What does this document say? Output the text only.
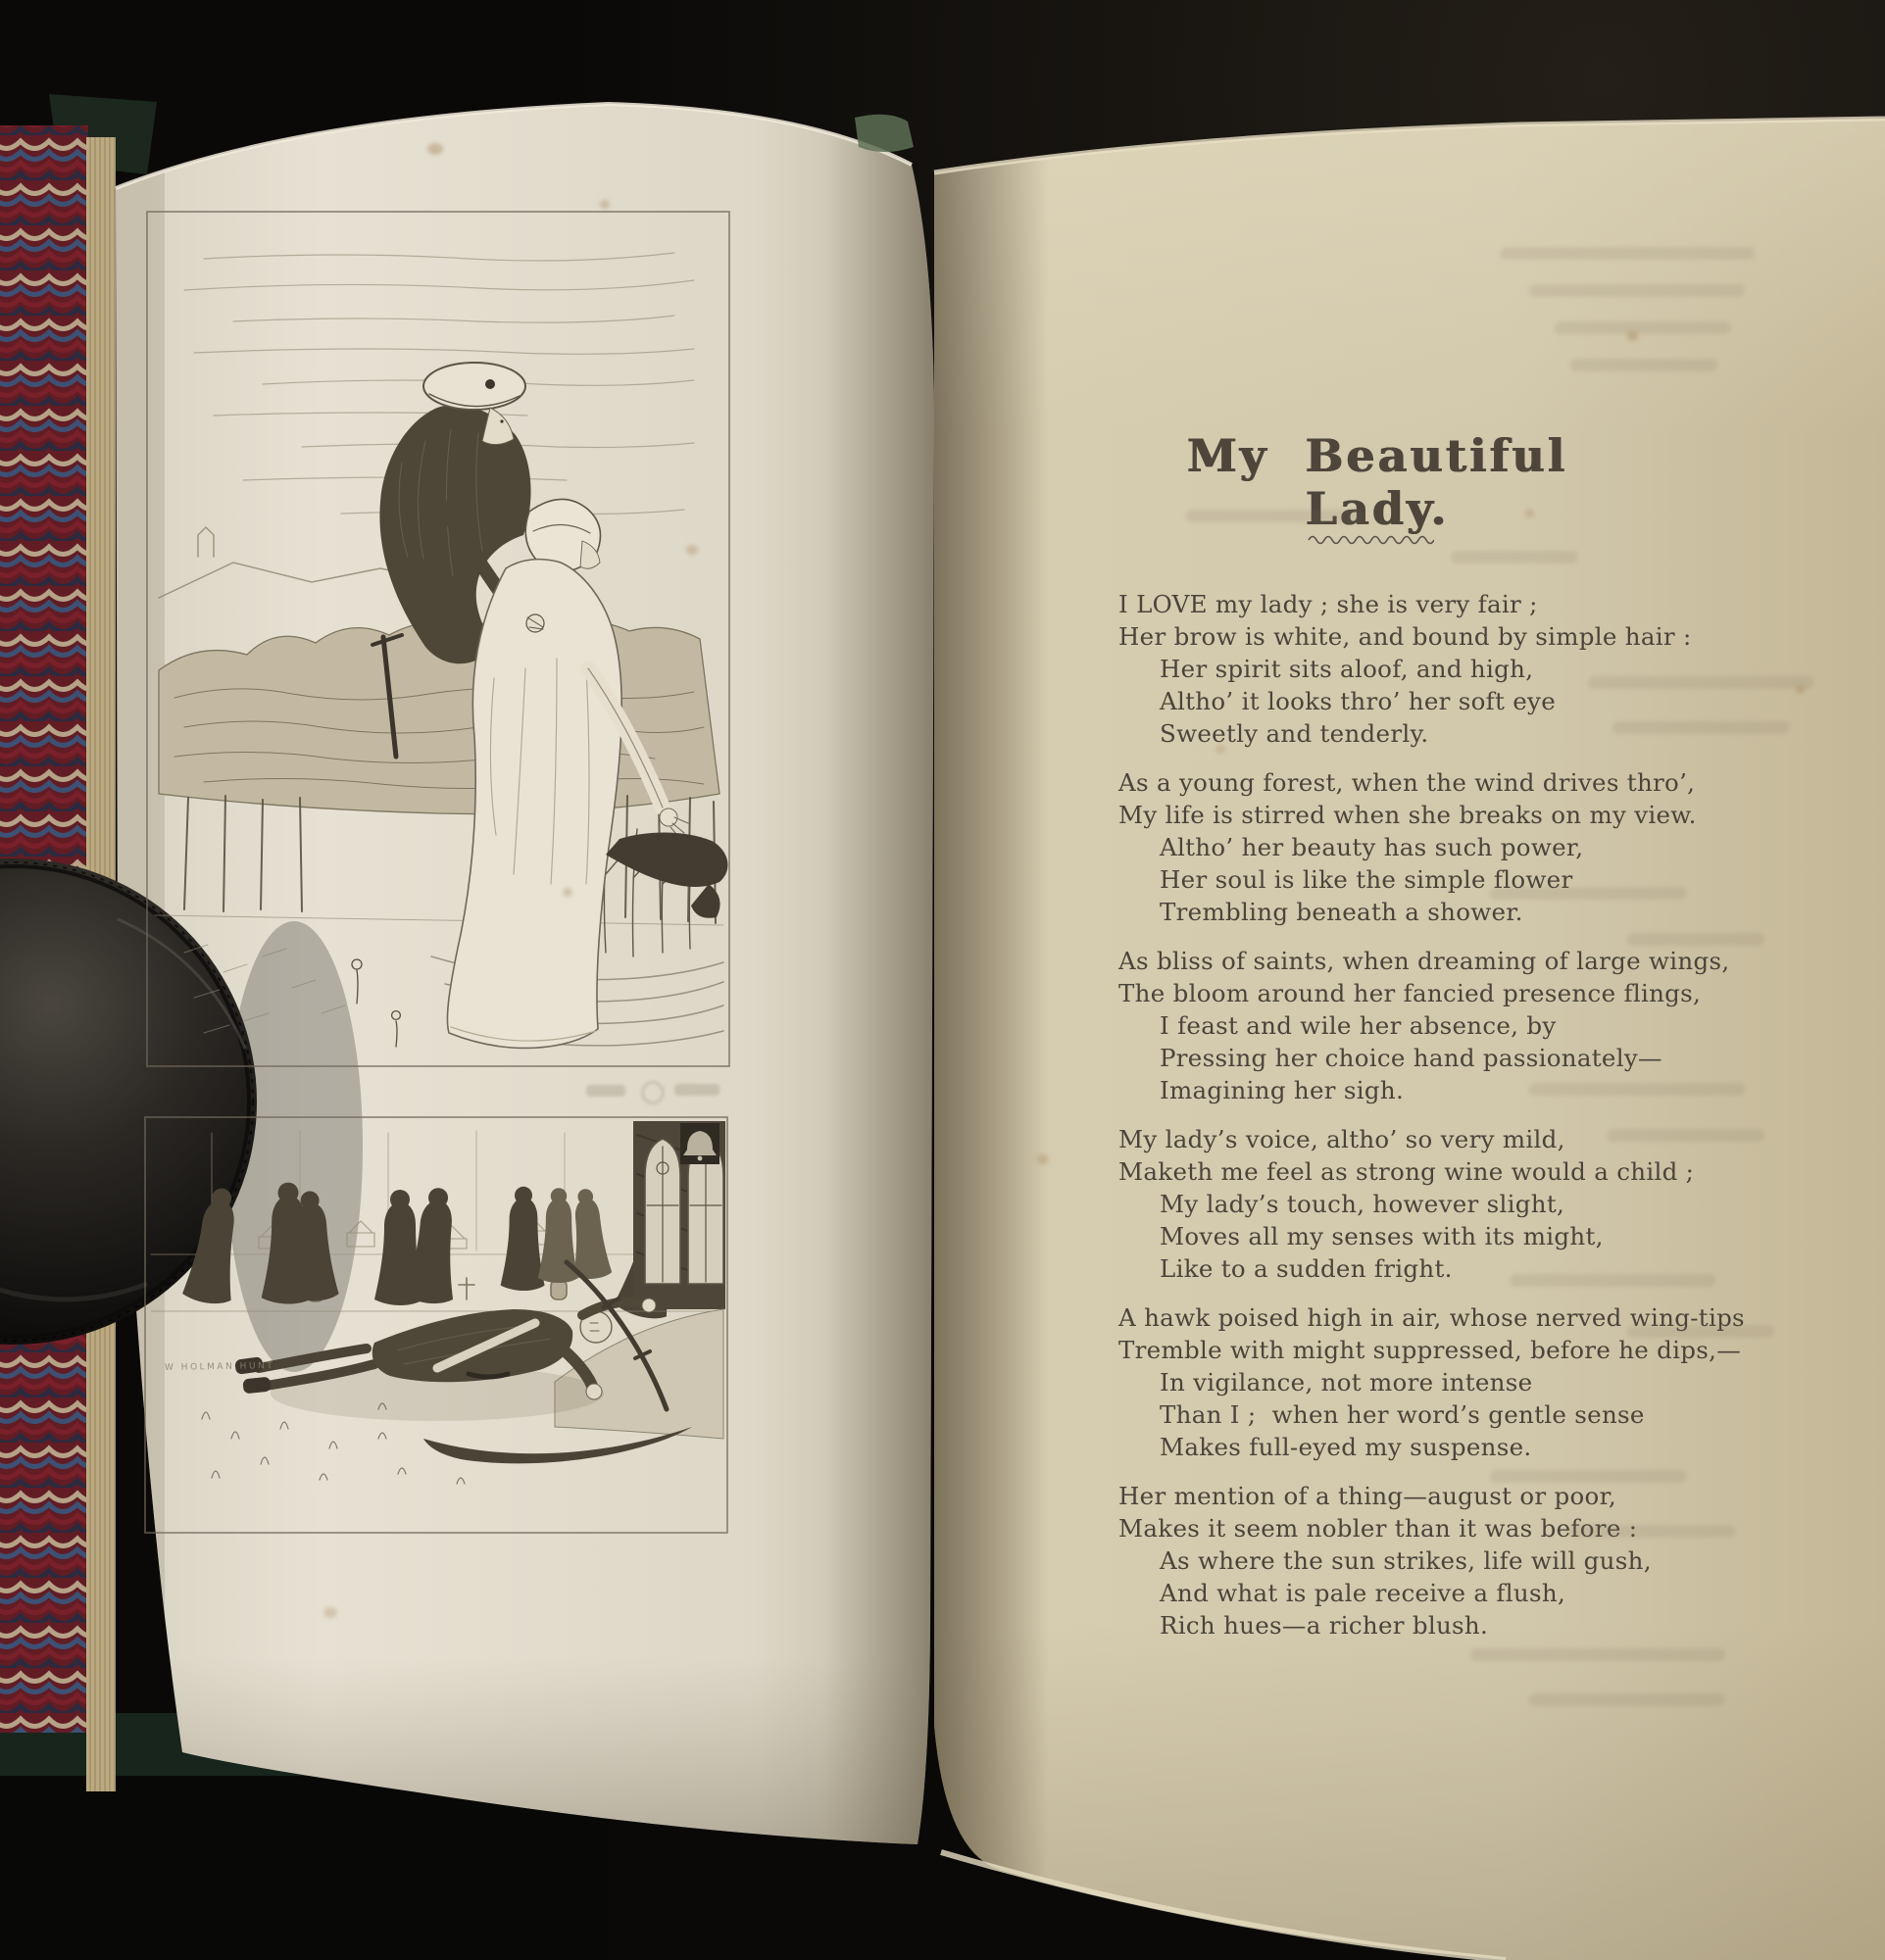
W HOLMAN HUNT
My Beautiful Lady.
I LOVE my lady ; she is very fair ;
Her brow is white, and bound by simple hair :
Her spirit sits aloof, and high,
Altho’ it looks thro’ her soft eye
Sweetly and tenderly.
As a young forest, when the wind drives thro’,
My life is stirred when she breaks on my view.
Altho’ her beauty has such power,
Her soul is like the simple flower
Trembling beneath a shower.
As bliss of saints, when dreaming of large wings,
The bloom around her fancied presence flings,
I feast and wile her absence, by
Pressing her choice hand passionately—
Imagining her sigh.
My lady’s voice, altho’ so very mild,
Maketh me feel as strong wine would a child ;
My lady’s touch, however slight,
Moves all my senses with its might,
Like to a sudden fright.
A hawk poised high in air, whose nerved wing-tips
Tremble with might suppressed, before he dips,—
In vigilance, not more intense
Than I ;  when her word’s gentle sense
Makes full-eyed my suspense.
Her mention of a thing—august or poor,
Makes it seem nobler than it was before :
As where the sun strikes, life will gush,
And what is pale receive a flush,
Rich hues—a richer blush.
